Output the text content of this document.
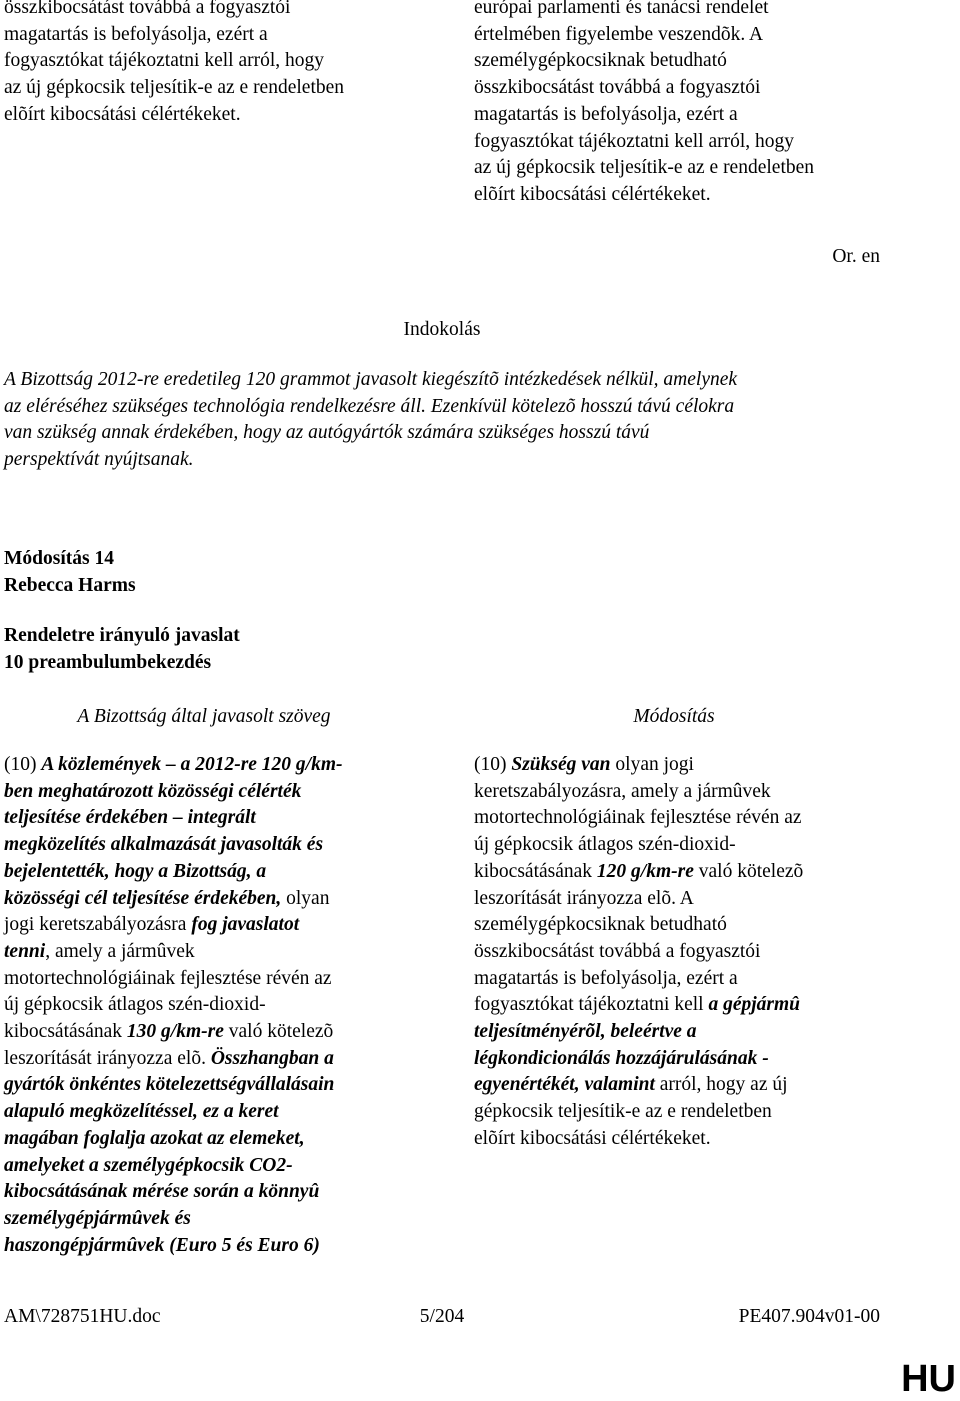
összkibocsátást továbbá a fogyasztói
magatartás is befolyásolja, ezért a
fogyasztókat tájékoztatni kell arról, hogy
az új gépkocsik teljesítik-e az e rendeletben
elõírt kibocsátási célértékeket.
európai parlamenti és tanácsi rendelet
értelmében figyelembe veszendõk. A
személygépkocsiknak betudható
összkibocsátást továbbá a fogyasztói
magatartás is befolyásolja, ezért a
fogyasztókat tájékoztatni kell arról, hogy
az új gépkocsik teljesítik-e az e rendeletben
elõírt kibocsátási célértékeket.
Or. en
Indokolás
A Bizottság 2012-re eredetileg 120 grammot javasolt kiegészítõ intézkedések nélkül, amelynek
az eléréséhez szükséges technológia rendelkezésre áll. Ezenkívül kötelezõ hosszú távú célokra
van szükség annak érdekében, hogy az autógyártók számára szükséges hosszú távú
perspektívát nyújtsanak.
Módosítás 14
Rebecca Harms
Rendeletre irányuló javaslat
10 preambulumbekezdés
A Bizottság által javasolt szöveg	Módosítás
(10) A közlemények – a 2012-re 120 g/km-
ben meghatározott közösségi célérték
teljesítése érdekében – integrált
megközelítés alkalmazását javasolták és
bejelentették, hogy a Bizottság, a
közösségi cél teljesítése érdekében, olyan
jogi keretszabályozásra fog javaslatot
tenni, amely a jármûvek
motortechnológiáinak fejlesztése révén az
új gépkocsik átlagos szén-dioxid-
kibocsátásának 130 g/km-re való kötelezõ
leszorítását irányozza elõ. Összhangban a
gyártók önkéntes kötelezettségvállalásain
alapuló megközelítéssel, ez a keret
magában foglalja azokat az elemeket,
amelyeket a személygépkocsik CO2-
kibocsátásának mérése során a könnyû
személygépjármûvek és
haszongépjármûvek (Euro 5 és Euro 6)
(10) Szükség van olyan jogi
keretszabályozásra, amely a jármûvek
motortechnológiáinak fejlesztése révén az
új gépkocsik átlagos szén-dioxid-
kibocsátásának 120 g/km-re való kötelezõ
leszorítását irányozza elõ. A
személygépkocsiknak betudható
összkibocsátást továbbá a fogyasztói
magatartás is befolyásolja, ezért a
fogyasztókat tájékoztatni kell a gépjármû
teljesítményérõl, beleértve a
légkondicionálás hozzájárulásának -
egyenértékét, valamint arról, hogy az új
gépkocsik teljesítik-e az e rendeletben
elõírt kibocsátási célértékeket.
AM\728751HU.doc	5/204	PE407.904v01-00
HU
